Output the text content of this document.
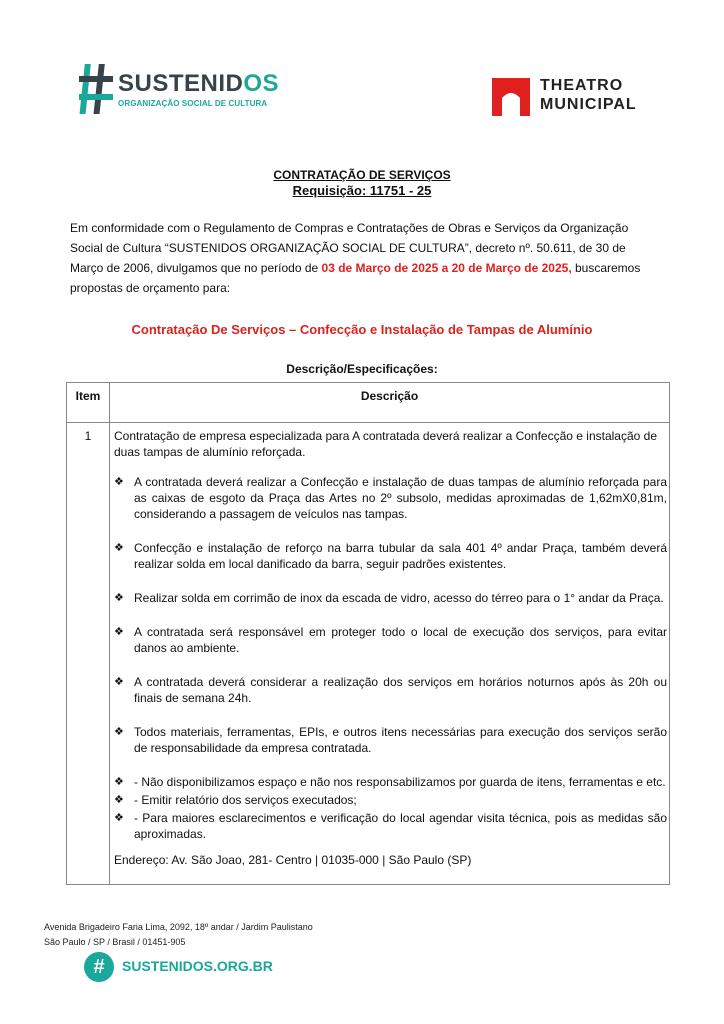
SUSTENIDOS
ORGANIZAÇÃO SOCIAL DE CULTURA
THEATRO
MUNICIPAL
CONTRATAÇÃO DE SERVIÇOS
Requisição: 11751 - 25
Em conformidade com o Regulamento de Compras e Contratações de Obras e Serviços da Organização Social de Cultura “SUSTENIDOS ORGANIZAÇÃO SOCIAL DE CULTURA”, decreto nº. 50.611, de 30 de Março de 2006, divulgamos que no período de 03 de Março de 2025 a 20 de Março de 2025, buscaremos propostas de orçamento para:
Contratação De Serviços – Confecção e Instalação de Tampas de Alumínio
Descrição/Especificações:
Item	Descrição
1	Contratação de empresa especializada para A contratada deverá realizar a Confecção e instalação de duas tampas de alumínio reforçada.

❖ A contratada deverá realizar a Confecção e instalação de duas tampas de alumínio reforçada para as caixas de esgoto da Praça das Artes no 2º subsolo, medidas aproximadas de 1,62mX0,81m, considerando a passagem de veículos nas tampas.
❖ Confecção e instalação de reforço na barra tubular da sala 401 4º andar Praça, também deverá realizar solda em local danificado da barra, seguir padrões existentes.
❖ Realizar solda em corrimão de inox da escada de vidro, acesso do térreo para o 1° andar da Praça.
❖ A contratada será responsável em proteger todo o local de execução dos serviços, para evitar danos ao ambiente.
❖ A contratada deverá considerar a realização dos serviços em horários noturnos após às 20h ou finais de semana 24h.
❖ Todos materiais, ferramentas, EPIs, e outros itens necessárias para execução dos serviços serão de responsabilidade da empresa contratada.
❖ - Não disponibilizamos espaço e não nos responsabilizamos por guarda de itens, ferramentas e etc.
❖ - Emitir relatório dos serviços executados;
❖ - Para maiores esclarecimentos e verificação do local agendar visita técnica, pois as medidas são aproximadas.
Endereço: Av. São Joao, 281- Centro | 01035-000 | São Paulo (SP)
Avenida Brigadeiro Faria Lima, 2092, 18º andar / Jardim Paulistano
São Paulo / SP / Brasil / 01451-905
#	SUSTENIDOS.ORG.BR
